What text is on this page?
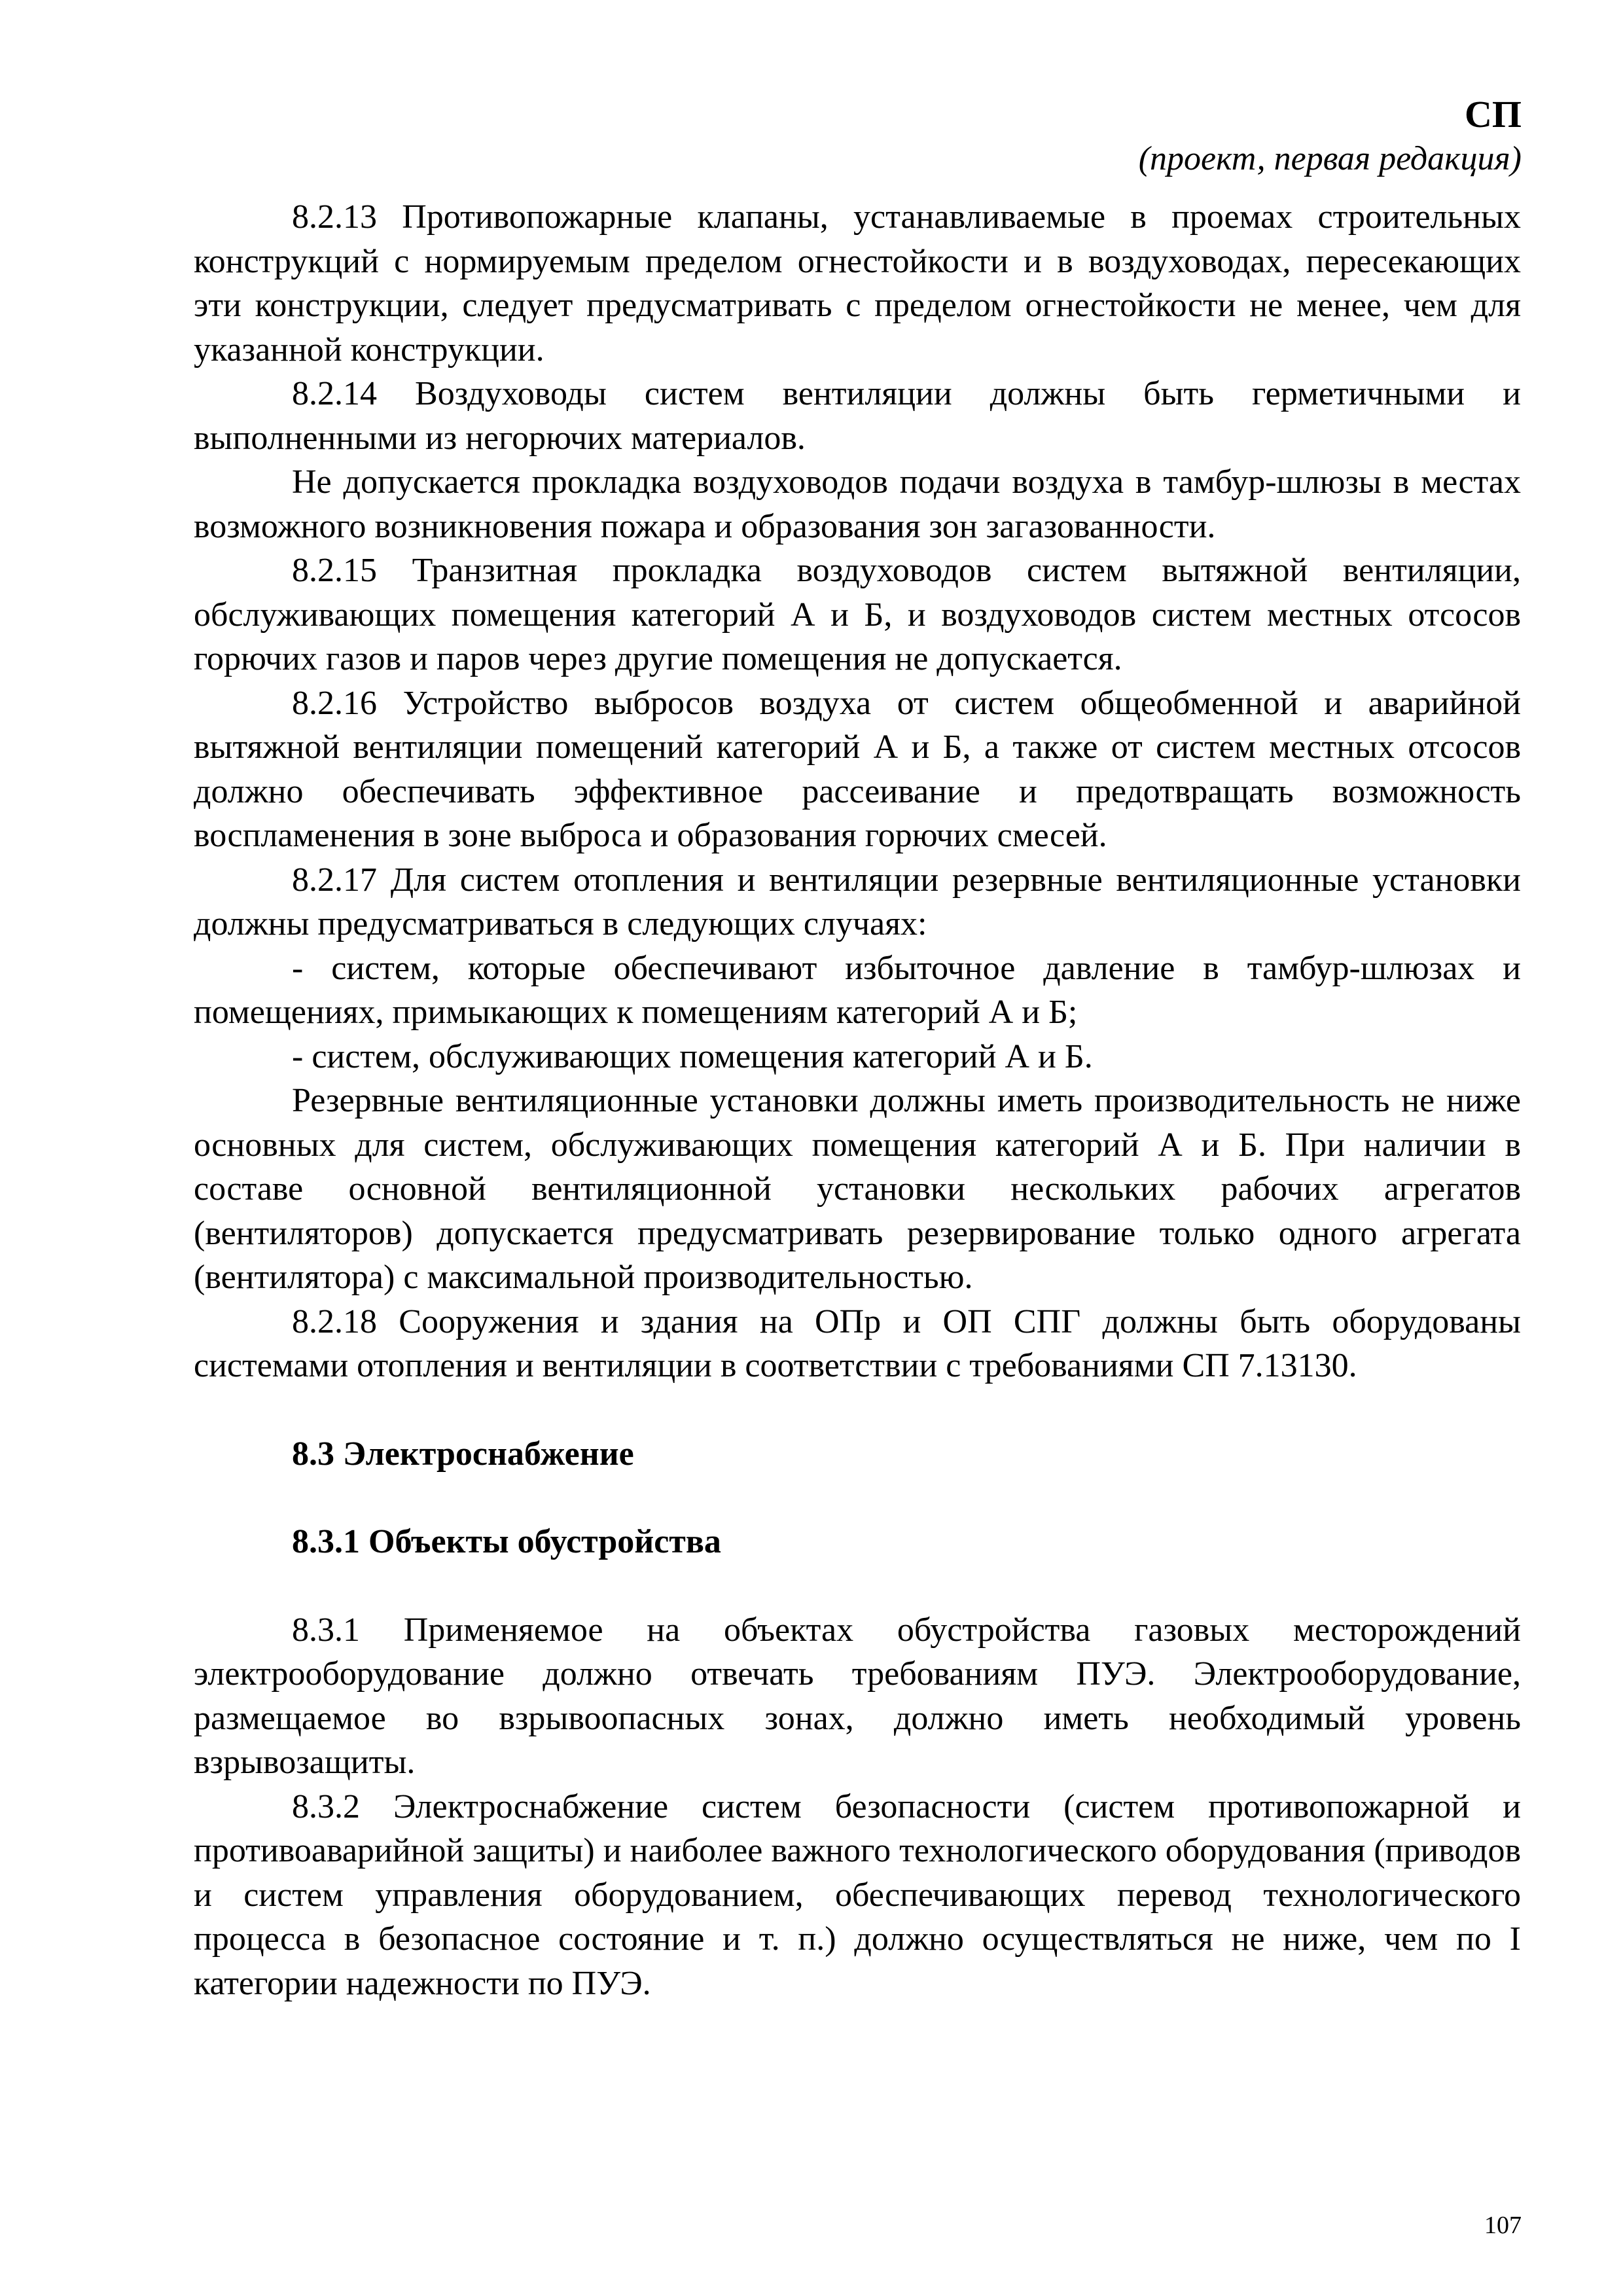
СП
(проект, первая редакция)

8.2.13 Противопожарные клапаны, устанавливаемые в проемах строительных конструкций с нормируемым пределом огнестойкости и в воздуховодах, пересекающих эти конструкции, следует предусматривать с пределом огнестойкости не менее, чем для указанной конструкции.

8.2.14 Воздуховоды систем вентиляции должны быть герметичными и выполненными из негорючих материалов.

Не допускается прокладка воздуховодов подачи воздуха в тамбур-шлюзы в местах возможного возникновения пожара и образования зон загазованности.

8.2.15 Транзитная прокладка воздуховодов систем вытяжной вентиляции, обслуживающих помещения категорий А и Б, и воздуховодов систем местных отсосов горючих газов и паров через другие помещения не допускается.

8.2.16 Устройство выбросов воздуха от систем общеобменной и аварийной вытяжной вентиляции помещений категорий А и Б, а также от систем местных отсосов должно обеспечивать эффективное рассеивание и предотвращать возможность воспламенения в зоне выброса и образования горючих смесей.

8.2.17 Для систем отопления и вентиляции резервные вентиляционные установки должны предусматриваться в следующих случаях:

- систем, которые обеспечивают избыточное давление в тамбур-шлюзах и помещениях, примыкающих к помещениям категорий А и Б;

- систем, обслуживающих помещения категорий А и Б.

Резервные вентиляционные установки должны иметь производительность не ниже основных для систем, обслуживающих помещения категорий А и Б. При наличии в составе основной вентиляционной установки нескольких рабочих агрегатов (вентиляторов) допускается предусматривать резервирование только одного агрегата (вентилятора) с максимальной производительностью.

8.2.18 Сооружения и здания на ОПр и ОП СПГ должны быть оборудованы системами отопления и вентиляции в соответствии с требованиями СП 7.13130.

8.3 Электроснабжение

8.3.1 Объекты обустройства

8.3.1 Применяемое на объектах обустройства газовых месторождений электрооборудование должно отвечать требованиям ПУЭ. Электрооборудование, размещаемое во взрывоопасных зонах, должно иметь необходимый уровень взрывозащиты.

8.3.2 Электроснабжение систем безопасности (систем противопожарной и противоаварийной защиты) и наиболее важного технологического оборудования (приводов и систем управления оборудованием, обеспечивающих перевод технологического процесса в безопасное состояние и т. п.) должно осуществляться не ниже, чем по I категории надежности по ПУЭ.

107
